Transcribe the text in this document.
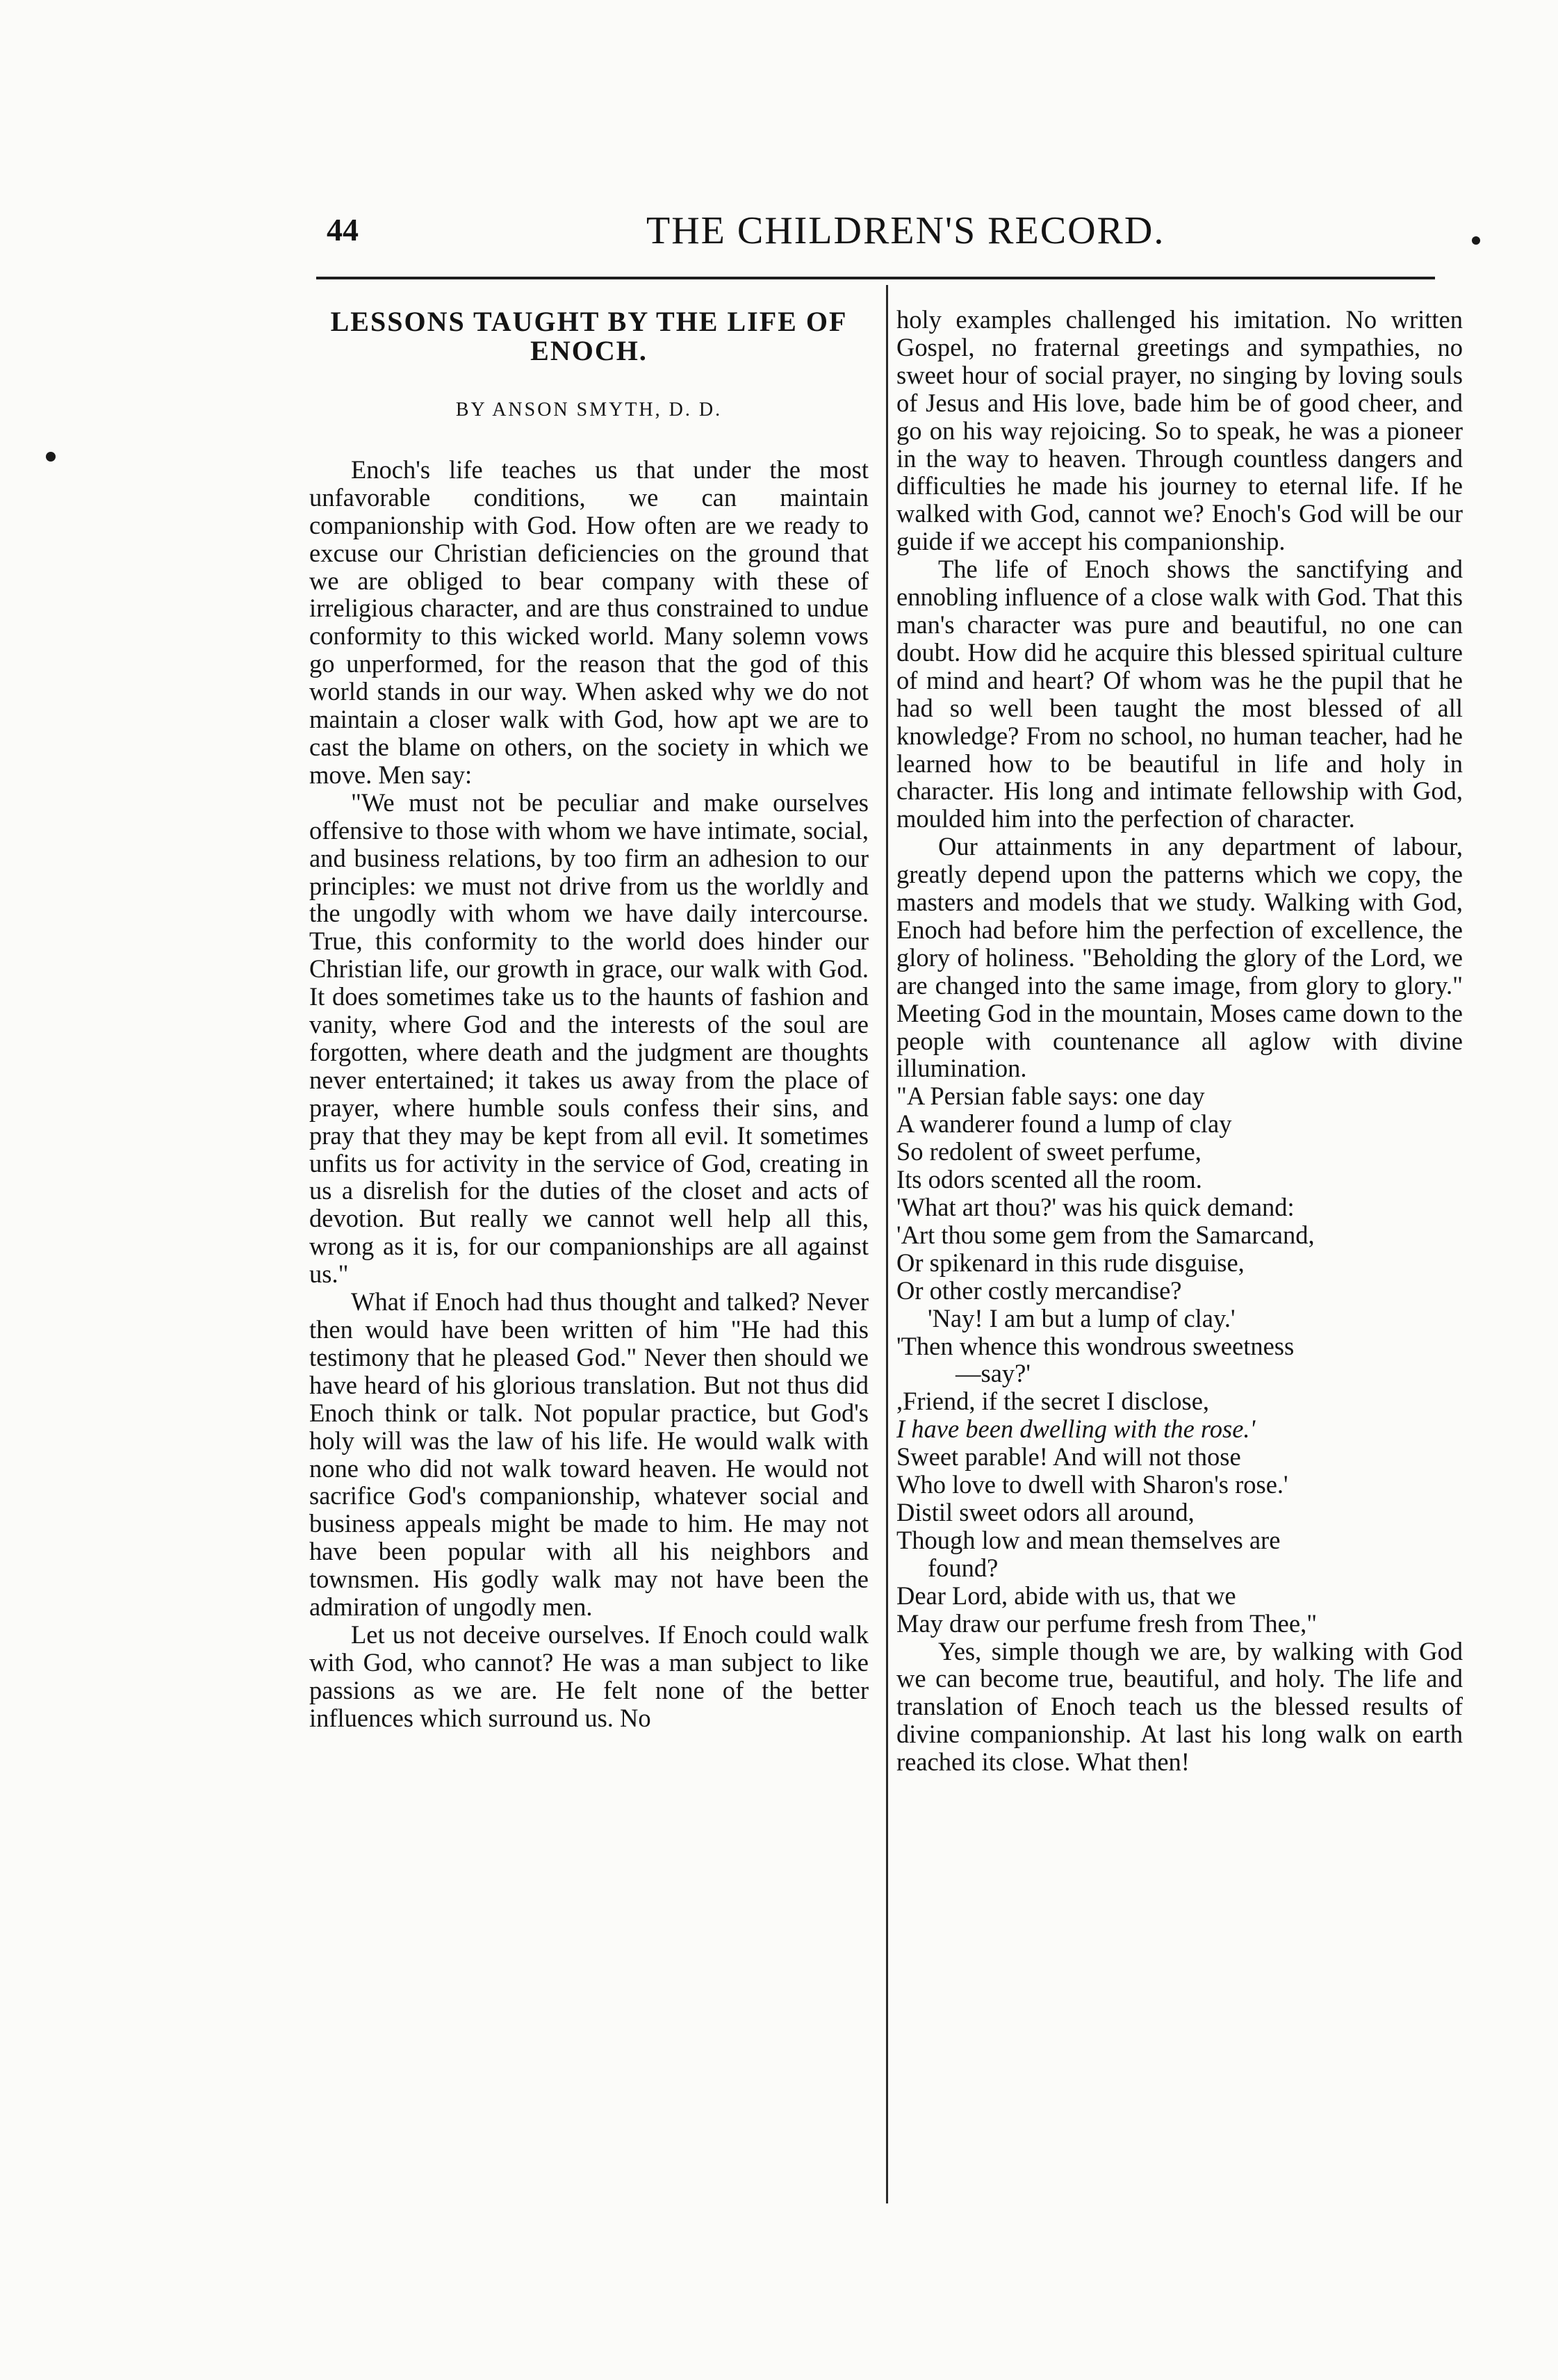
44	THE CHILDREN'S RECORD.
LESSONS TAUGHT BY THE LIFE OF ENOCH.
BY ANSON SMYTH, D. D.

Enoch's life teaches us that under the most unfavorable conditions, we can maintain companionship with God. How often are we ready to excuse our Christian deficiencies on the ground that we are obliged to bear company with these of irreligious character, and are thus constrained to undue conformity to this wicked world. Many solemn vows go unperformed, for the reason that the god of this world stands in our way. When asked why we do not maintain a closer walk with God, how apt we are to cast the blame on others, on the society in which we move. Men say:

"We must not be peculiar and make ourselves offensive to those with whom we have intimate, social, and business relations, by too firm an adhesion to our principles: we must not drive from us the worldly and the ungodly with whom we have daily intercourse. True, this conformity to the world does hinder our Christian life, our growth in grace, our walk with God. It does sometimes take us to the haunts of fashion and vanity, where God and the interests of the soul are forgotten, where death and the judgment are thoughts never entertained; it takes us away from the place of prayer, where humble souls confess their sins, and pray that they may be kept from all evil. It sometimes unfits us for activity in the service of God, creating in us a disrelish for the duties of the closet and acts of devotion. But really we cannot well help all this, wrong as it is, for our companionships are all against us."

What if Enoch had thus thought and talked? Never then would have been written of him "He had this testimony that he pleased God." Never then should we have heard of his glorious translation. But not thus did Enoch think or talk. Not popular practice, but God's holy will was the law of his life. He would walk with none who did not walk toward heaven. He would not sacrifice God's companionship, whatever social and business appeals might be made to him. He may not have been popular with all his neighbors and townsmen. His godly walk may not have been the admiration of ungodly men.

Let us not deceive ourselves. If Enoch could walk with God, who cannot? He was a man subject to like passions as we are. He felt none of the better influences which surround us. No

holy examples challenged his imitation. No written Gospel, no fraternal greetings and sympathies, no sweet hour of social prayer, no singing by loving souls of Jesus and His love, bade him be of good cheer, and go on his way rejoicing. So to speak, he was a pioneer in the way to heaven. Through countless dangers and difficulties he made his journey to eternal life. If he walked with God, cannot we? Enoch's God will be our guide if we accept his companionship.

The life of Enoch shows the sanctifying and ennobling influence of a close walk with God. That this man's character was pure and beautiful, no one can doubt. How did he acquire this blessed spiritual culture of mind and heart? Of whom was he the pupil that he had so well been taught the most blessed of all knowledge? From no school, no human teacher, had he learned how to be beautiful in life and holy in character. His long and intimate fellowship with God, moulded him into the perfection of character.

Our attainments in any department of labour, greatly depend upon the patterns which we copy, the masters and models that we study. Walking with God, Enoch had before him the perfection of excellence, the glory of holiness. "Beholding the glory of the Lord, we are changed into the same image, from glory to glory." Meeting God in the mountain, Moses came down to the people with countenance all aglow with divine illumination.

"A Persian fable says: one day
A wanderer found a lump of clay
So redolent of sweet perfume,
Its odors scented all the room.
'What art thou?' was his quick demand:
'Art thou some gem from the Samarcand,
Or spikenard in this rude disguise,
Or other costly mercandise?
'Nay! I am but a lump of clay.'
'Then whence this wondrous sweetness
—say?'
,Friend, if the secret I disclose,
I have been dwelling with the rose.'
Sweet parable! And will not those
Who love to dwell with Sharon's rose.'
Distil sweet odors all around,
Though low and mean themselves are
found?
Dear Lord, abide with us, that we
May draw our perfume fresh from Thee,"

Yes, simple though we are, by walking with God we can become true, beautiful, and holy. The life and translation of Enoch teach us the blessed results of divine companionship. At last his long walk on earth reached its close. What then!
